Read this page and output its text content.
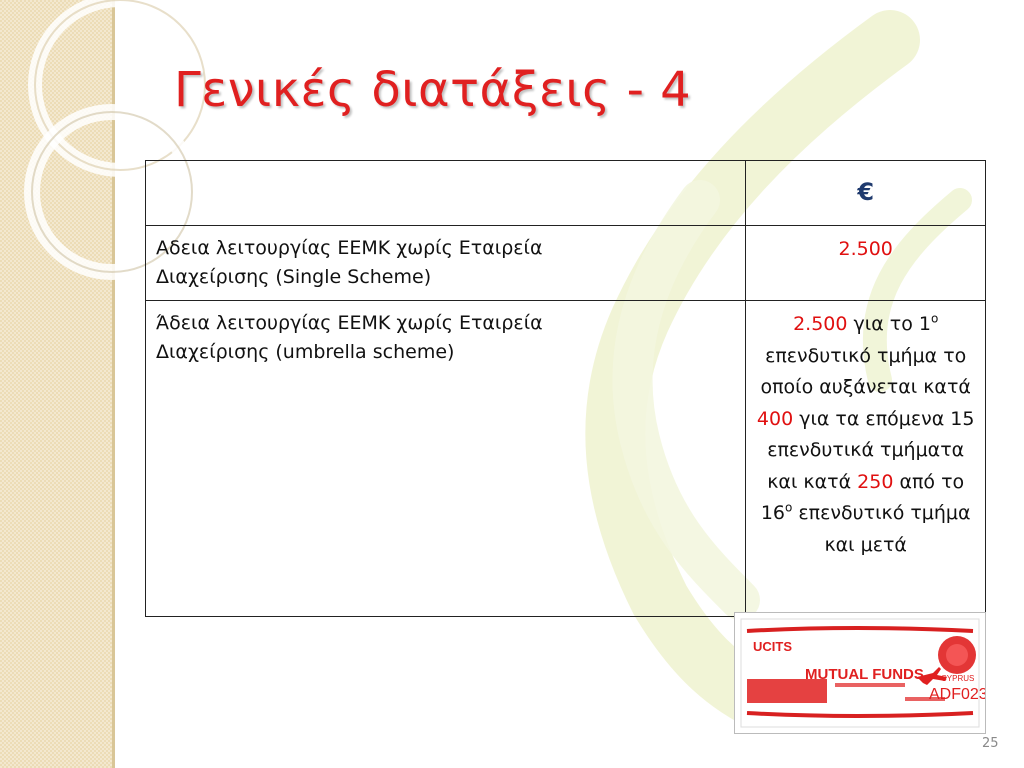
Γενικές διατάξεις - 4
	€
Αδεια λειτουργίας ΕΕΜΚ χωρίς Εταιρεία
Διαχείρισης (Single Scheme)	2.500
Άδεια λειτουργίας ΕΕΜΚ χωρίς Εταιρεία
Διαχείρισης (umbrella scheme)	2.500 για το $1^o$ επενδυτικό τμήμα το οποίο αυξάνεται κατά 400 για τα επόμενα 15 επενδυτικά τμήματα και κατά 250 από το $16^o$ επενδυτικό τμήμα και μετά
UCITS
MUTUAL FUNDS CYPRUS
ADF023
25
